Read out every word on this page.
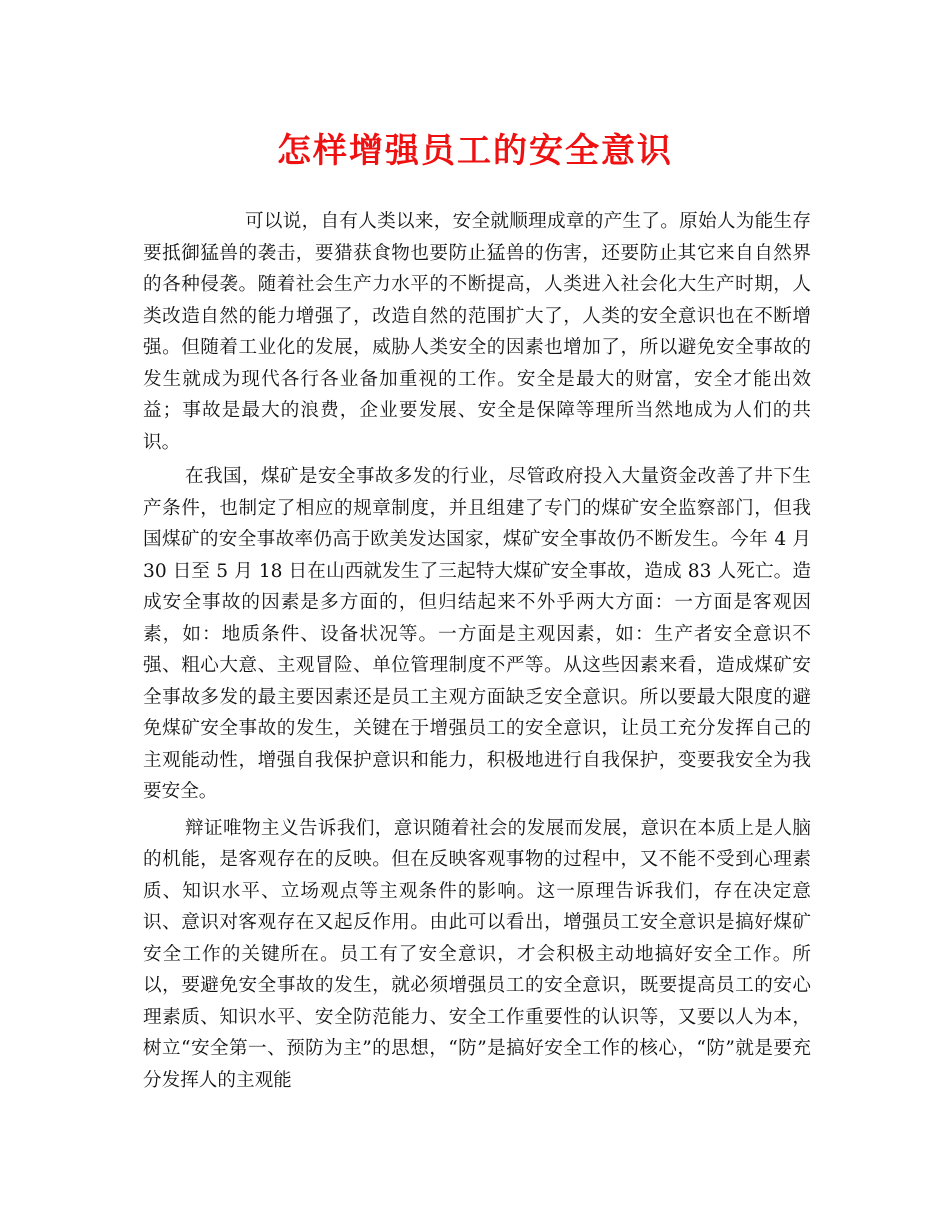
怎样增强员工的安全意识

可以说，自有人类以来，安全就顺理成章的产生了。原始人为能生存要抵御猛兽的袭击，要猎获食物也要防止猛兽的伤害，还要防止其它来自自然界的各种侵袭。随着社会生产力水平的不断提高，人类进入社会化大生产时期，人类改造自然的能力增强了，改造自然的范围扩大了，人类的安全意识也在不断增强。但随着工业化的发展，威胁人类安全的因素也增加了，所以避免安全事故的发生就成为现代各行各业备加重视的工作。安全是最大的财富，安全才能出效益；事故是最大的浪费，企业要发展、安全是保障等理所当然地成为人们的共识。

在我国，煤矿是安全事故多发的行业，尽管政府投入大量资金改善了井下生产条件，也制定了相应的规章制度，并且组建了专门的煤矿安全监察部门，但我国煤矿的安全事故率仍高于欧美发达国家，煤矿安全事故仍不断发生。今年 4 月 30 日至 5 月 18 日在山西就发生了三起特大煤矿安全事故，造成 83 人死亡。造成安全事故的因素是多方面的，但归结起来不外乎两大方面：一方面是客观因素，如：地质条件、设备状况等。一方面是主观因素，如：生产者安全意识不强、粗心大意、主观冒险、单位管理制度不严等。从这些因素来看，造成煤矿安全事故多发的最主要因素还是员工主观方面缺乏安全意识。所以要最大限度的避免煤矿安全事故的发生，关键在于增强员工的安全意识，让员工充分发挥自己的主观能动性，增强自我保护意识和能力，积极地进行自我保护，变要我安全为我要安全。

辩证唯物主义告诉我们，意识随着社会的发展而发展，意识在本质上是人脑的机能，是客观存在的反映。但在反映客观事物的过程中，又不能不受到心理素质、知识水平、立场观点等主观条件的影响。这一原理告诉我们，存在决定意识、意识对客观存在又起反作用。由此可以看出，增强员工安全意识是搞好煤矿安全工作的关键所在。员工有了安全意识，才会积极主动地搞好安全工作。所以，要避免安全事故的发生，就必须增强员工的安全意识，既要提高员工的安心理素质、知识水平、安全防范能力、安全工作重要性的认识等，又要以人为本，树立“安全第一、预防为主”的思想，“防”是搞好安全工作的核心，“防”就是要充分发挥人的主观能
